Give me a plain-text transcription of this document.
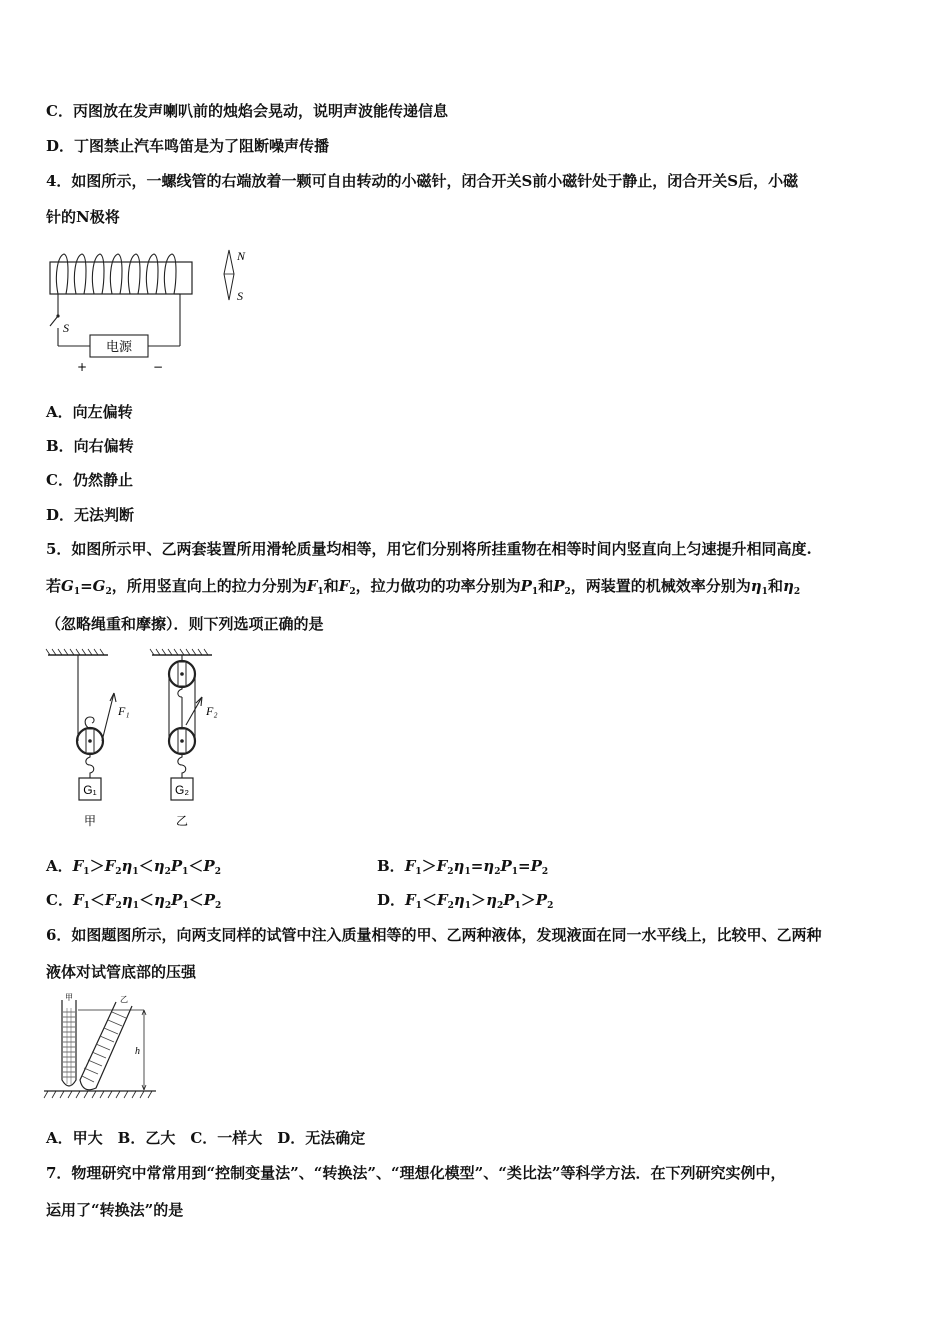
C．丙图放在发声喇叭前的烛焰会晃动，说明声波能传递信息
D．丁图禁止汽车鸣笛是为了阻断噪声传播
4．如图所示，一螺线管的右端放着一颗可自由转动的小磁针，闭合开关S前小磁针处于静止，闭合开关S后，小磁
针的N极将
N
S
S
电源
+	−
A．向左偏转
B．向右偏转
C．仍然静止
D．无法判断
5．如图所示甲、乙两套装置所用滑轮质量均相等，用它们分别将所挂重物在相等时间内竖直向上匀速提升相同高度.
若$G_1=G_2$，所用竖直向上的拉力分别为$F_1$和$F_2$，拉力做功的功率分别为$P_1$和$P_2$，两装置的机械效率分别为$\eta_1$和$\eta_2$
（忽略绳重和摩擦）．则下列选项正确的是
G₁
F₁
甲
G₂
F₂
乙
A．$F_1>F_2\eta_1<\eta_2P_1<P_2$	B．$F_1>F_2\eta_1=\eta_2P_1=P_2$
C．$F_1<F_2\eta_1<\eta_2P_1<P_2$	D．$F_1<F_2\eta_1>\eta_2P_1>P_2$
6．如图题图所示，向两支同样的试管中注入质量相等的甲、乙两种液体，发现液面在同一水平线上，比较甲、乙两种
液体对试管底部的压强
甲	乙
h
A．甲大　B．乙大　C．一样大　D．无法确定
7．物理研究中常常用到“控制变量法”、“转换法”、“理想化模型”、“类比法”等科学方法．在下列研究实例中，
运用了“转换法”的是
